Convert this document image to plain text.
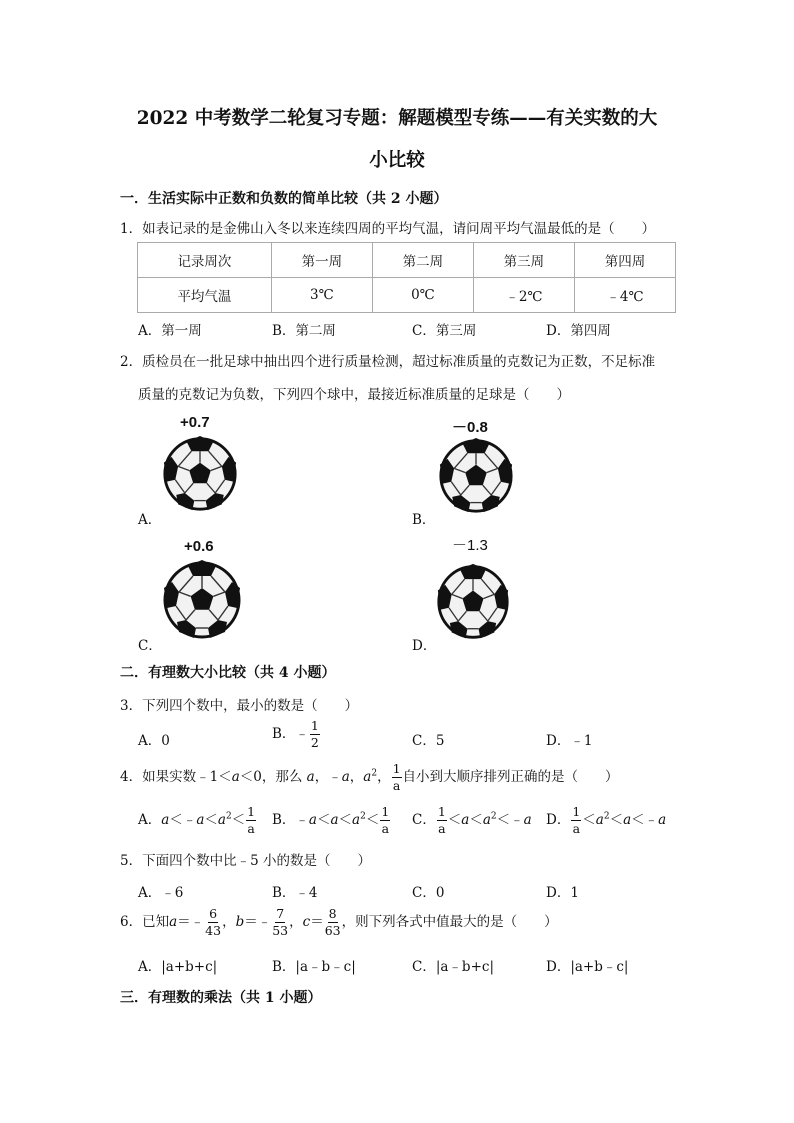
2022 中考数学二轮复习专题：解题模型专练——有关实数的大
小比较
一．生活实际中正数和负数的简单比较（共 2 小题）
1．如表记录的是金佛山入冬以来连续四周的平均气温，请问周平均气温最低的是（　　）
记录周次	第一周	第二周	第三周	第四周
平均气温	3℃	0℃	﹣2℃	﹣4℃
A．第一周	B．第二周	C．第三周	D．第四周
2．质检员在一批足球中抽出四个进行质量检测，超过标准质量的克数记为正数，不足标准
质量的克数记为负数，下列四个球中，最接近标准质量的足球是（　　）
+0.7
A．
－0.8
B．
+0.6
C．
－1.3
D．
二．有理数大小比较（共 4 小题）
3．下列四个数中，最小的数是（　　）
A．0	B．﹣ $\frac{1}{2}$	C．5	D．﹣1
4．如果实数﹣1＜a＜0，那么 a，﹣a，$a^2$， $\frac{1}{a}$ 自小到大顺序排列正确的是（　　）
A．$a<﹣a<a^2< \frac{1}{a}$ B．$﹣a<a<a^2< \frac{1}{a}$ C． $\frac{1}{a}$ $<a<a^2<﹣a$ D． $\frac{1}{a}$ $<a^2<a<﹣a$
5．下面四个数中比﹣5 小的数是（　　）
A．﹣6	B．﹣4	C．0	D．1
6．已知a＝﹣ $\frac{6}{43}$ ，b＝﹣ $\frac{7}{53}$ ，$c= \frac{8}{63}$ ，则下列各式中值最大的是（　　）
A．|a+b+c|	B．|a﹣b﹣c|	C．|a﹣b+c|	D．|a+b﹣c|
三．有理数的乘法（共 1 小题）
